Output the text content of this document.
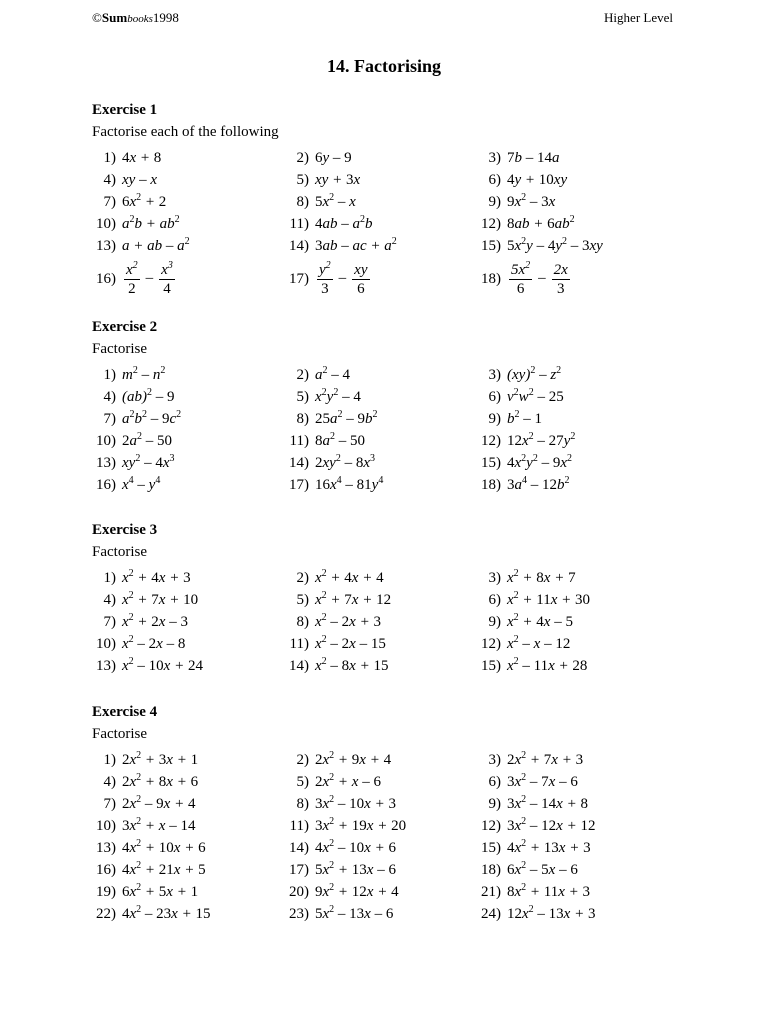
©Sumbooks1998	Higher Level
14. Factorising
Exercise 1
Factorise each of the following
1) 4x + 8	2) 6y – 9	3) 7b – 14a
4) xy – x	5) xy + 3x	6) 4y + 10xy
7) $6x^2 + 2$	8) $5x^2$ – x	9) $9x^2 - 3x$
10) $a^2b + ab^2$	11) $4ab - a^2b$	12) $8ab + 6ab^2$
13) a + ab – $a^2$	14) 3ab – ac + $a^2$	15) $5x^2y - 4y^2 - 3xy$
$16) \frac{x^2}{2} - \frac{x^3}{4}$	$17) \frac{y^2}{3} - \frac{xy}{6}$	$18) \frac{5x^2}{6} - \frac{2x}{3}$
Exercise 2
Factorise
1) $m^2 - n^2$	2) $a^2 - 4$	3) $(xy)^2 - z^2$
4) (ab)$^2$ – 9	5) $x^2y^2 - 4$	6) $v^2w^2 - 25$
7) $a^2b^2 - 9c^2$	8) $25a^2 - 9b^2$	9) $b^2 - 1$
10) $2a^2 - 50$	11) $8a^2 - 50$	12) $12x^2 - 27y^2$
13) $xy^2 - 4x^3$	14) $2xy^2 - 8x^3$	15) $4x^2y^2 - 9x^2$
16) $x^4 - y^4$	17) $16x^4 - 81y^4$	18) $3a^4 - 12b^2$
Exercise 3
Factorise
1) $x^2 + 4x + 3$	2) $x^2 + 4x + 4$	3) $x^2 + 8x + 7$
4) $x^2 + 7x + 10$	5) $x^2 + 7x + 12$	6) $x^2 + 11x + 30$
7) $x^2 + 2x - 3$	8) $x^2 - 2x + 3$	9) $x^2 + 4x - 5$
10) $x^2 - 2x - 8$	11) $x^2 - 2x - 15$	12) $x^2$ – x – 12
13) $x^2 - 10x + 24$	14) $x^2 - 8x + 15$	15) $x^2 - 11x + 28$
Exercise 4
Factorise
1) $2x^2 + 3x + 1$	2) $2x^2 + 9x + 4$	3) $2x^2 + 7x + 3$
4) $2x^2 + 8x + 6$	5) $2x^2 + x - 6$	6) $3x^2 - 7x - 6$
7) $2x^2 - 9x + 4$	8) $3x^2 - 10x + 3$	9) $3x^2 - 14x + 8$
10) $3x^2 + x - 14$	11) $3x^2 + 19x + 20$	12) $3x^2 - 12x + 12$
13) $4x^2 + 10x + 6$	14) $4x^2 - 10x + 6$	15) $4x^2 + 13x + 3$
16) $4x^2 + 21x + 5$	17) $5x^2 + 13x - 6$	18) $6x^2 - 5x - 6$
19) $6x^2 + 5x + 1$	20) $9x^2 + 12x + 4$	21) $8x^2 + 11x + 3$
22) $4x^2 - 23x + 15$	23) $5x^2 - 13x - 6$	24) $12x^2 - 13x + 3$
